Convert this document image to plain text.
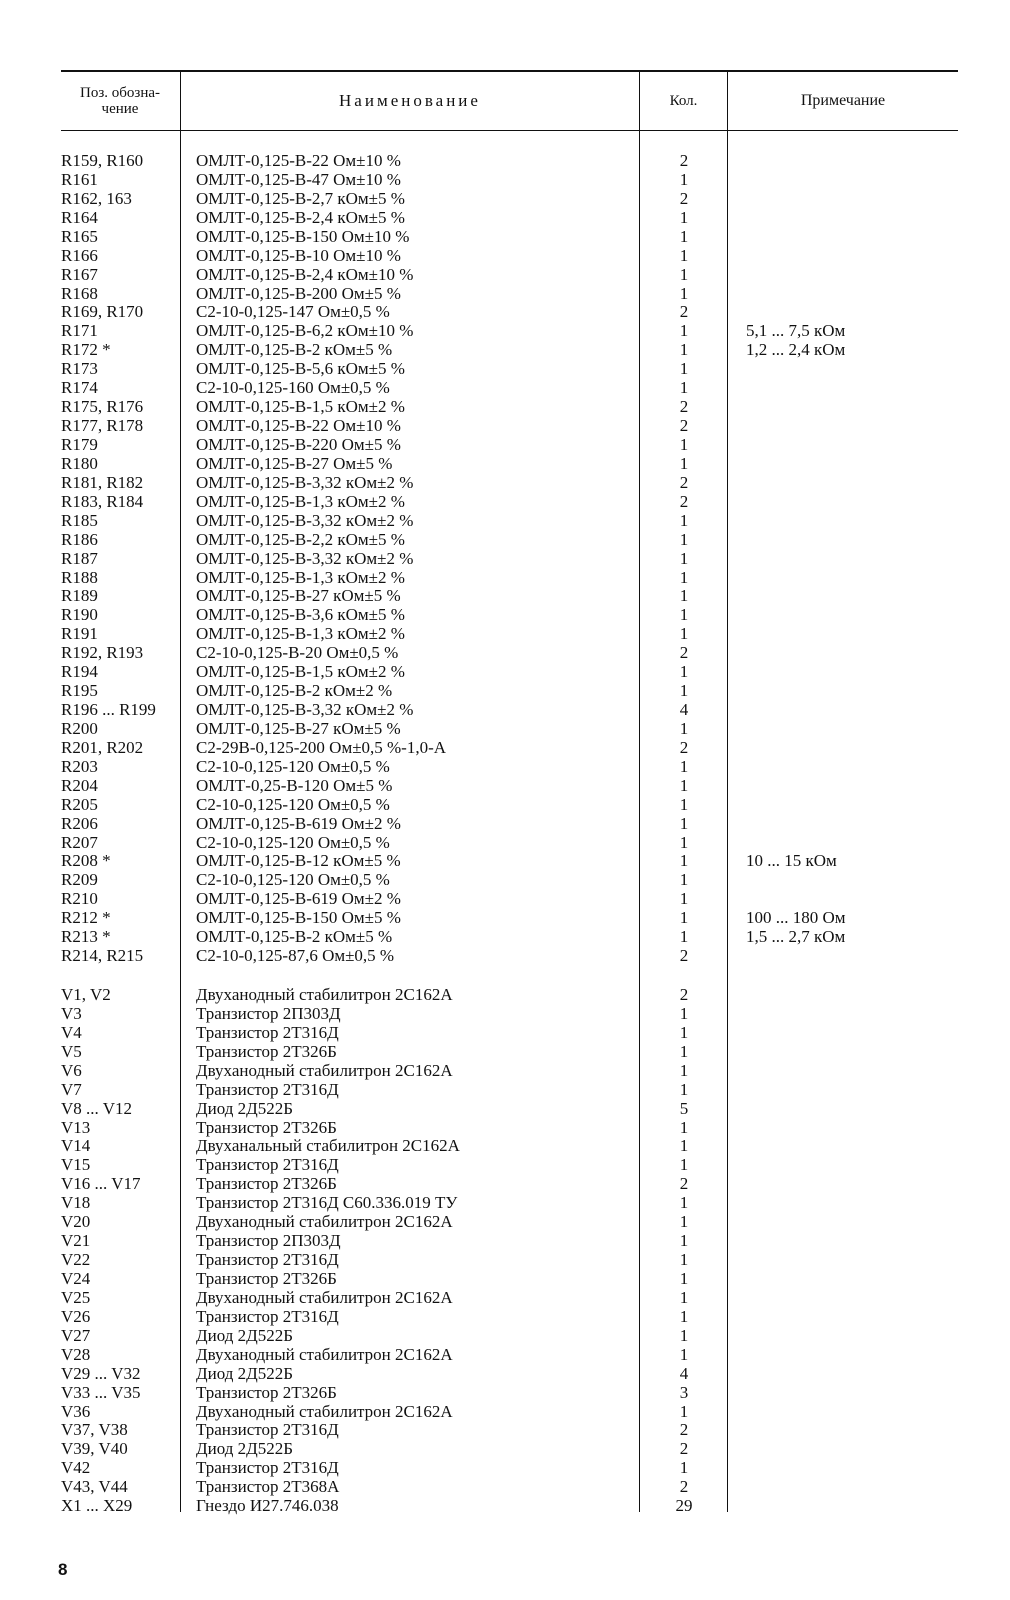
Поз. обозна- чение	Наименование	Кол.	Примечание
R159, R160	ОМЛТ-0,125-В-22 Ом±10 %	2
R161	ОМЛТ-0,125-В-47 Ом±10 %	1
R162, 163	ОМЛТ-0,125-В-2,7 кОм±5 %	2
R164	ОМЛТ-0,125-В-2,4 кОм±5 %	1
R165	ОМЛТ-0,125-В-150 Ом±10 %	1
R166	ОМЛТ-0,125-В-10 Ом±10 %	1
R167	ОМЛТ-0,125-В-2,4 кОм±10 %	1
R168	ОМЛТ-0,125-В-200 Ом±5 %	1
R169, R170	С2-10-0,125-147 Ом±0,5 %	2
R171	ОМЛТ-0,125-В-6,2 кОм±10 %	1	5,1 ... 7,5 кОм
R172 *	ОМЛТ-0,125-В-2 кОм±5 %	1	1,2 ... 2,4 кОм
R173	ОМЛТ-0,125-В-5,6 кОм±5 %	1
R174	С2-10-0,125-160 Ом±0,5 %	1
R175, R176	ОМЛТ-0,125-В-1,5 кОм±2 %	2
R177, R178	ОМЛТ-0,125-В-22 Ом±10 %	2
R179	ОМЛТ-0,125-В-220 Ом±5 %	1
R180	ОМЛТ-0,125-В-27 Ом±5 %	1
R181, R182	ОМЛТ-0,125-В-3,32 кОм±2 %	2
R183, R184	ОМЛТ-0,125-В-1,3 кОм±2 %	2
R185	ОМЛТ-0,125-В-3,32 кОм±2 %	1
R186	ОМЛТ-0,125-В-2,2 кОм±5 %	1
R187	ОМЛТ-0,125-В-3,32 кОм±2 %	1
R188	ОМЛТ-0,125-В-1,3 кОм±2 %	1
R189	ОМЛТ-0,125-В-27 кОм±5 %	1
R190	ОМЛТ-0,125-В-3,6 кОм±5 %	1
R191	ОМЛТ-0,125-В-1,3 кОм±2 %	1
R192, R193	С2-10-0,125-В-20 Ом±0,5 %	2
R194	ОМЛТ-0,125-В-1,5 кОм±2 %	1
R195	ОМЛТ-0,125-В-2 кОм±2 %	1
R196 ... R199 ОМЛТ-0,125-В-3,32 кОм±2 %	4
R200	ОМЛТ-0,125-В-27 кОм±5 %	1
R201, R202	С2-29В-0,125-200 Ом±0,5 %-1,0-А	2
R203	С2-10-0,125-120 Ом±0,5 %	1
R204	ОМЛТ-0,25-В-120 Ом±5 %	1
R205	С2-10-0,125-120 Ом±0,5 %	1
R206	ОМЛТ-0,125-В-619 Ом±2 %	1
R207	С2-10-0,125-120 Ом±0,5 %	1
R208 *	ОМЛТ-0,125-В-12 кОм±5 %	1	10 ... 15 кОм
R209	С2-10-0,125-120 Ом±0,5 %	1
R210	ОМЛТ-0,125-В-619 Ом±2 %	1
R212 *	ОМЛТ-0,125-В-150 Ом±5 %	1	100 ... 180 Ом
R213 *	ОМЛТ-0,125-В-2 кОм±5 %	1	1,5 ... 2,7 кОм
R214, R215	С2-10-0,125-87,6 Ом±0,5 %	2
V1, V2	Двуханодный стабилитрон 2С162А	2
V3	Транзистор 2П303Д	1
V4	Транзистор 2Т316Д	1
V5	Транзистор 2Т326Б	1
V6	Двуханодный стабилитрон 2С162А	1
V7	Транзистор 2Т316Д	1
V8 ... V12	Диод 2Д522Б	5
V13	Транзистор 2Т326Б	1
V14	Двуханальный стабилитрон 2С162А	1
V15	Транзистор 2Т316Д	1
V16 ... V17	Транзистор 2Т326Б	2
V18	Транзистор 2Т316Д С60.336.019 ТУ	1
V20	Двуханодный стабилитрон 2С162А	1
V21	Транзистор 2П303Д	1
V22	Транзистор 2Т316Д	1
V24	Транзистор 2Т326Б	1
V25	Двуханодный стабилитрон 2С162А	1
V26	Транзистор 2Т316Д	1
V27	Диод 2Д522Б	1
V28	Двуханодный стабилитрон 2С162А	1
V29 ... V32	Диод 2Д522Б	4
V33 ... V35	Транзистор 2Т326Б	3
V36	Двуханодный стабилитрон 2С162А	1
V37, V38	Транзистор 2Т316Д	2
V39, V40	Диод 2Д522Б	2
V42	Транзистор 2Т316Д	1
V43, V44	Транзистор 2Т368А	2
X1 ... X29	Гнездо И27.746.038	29
8
